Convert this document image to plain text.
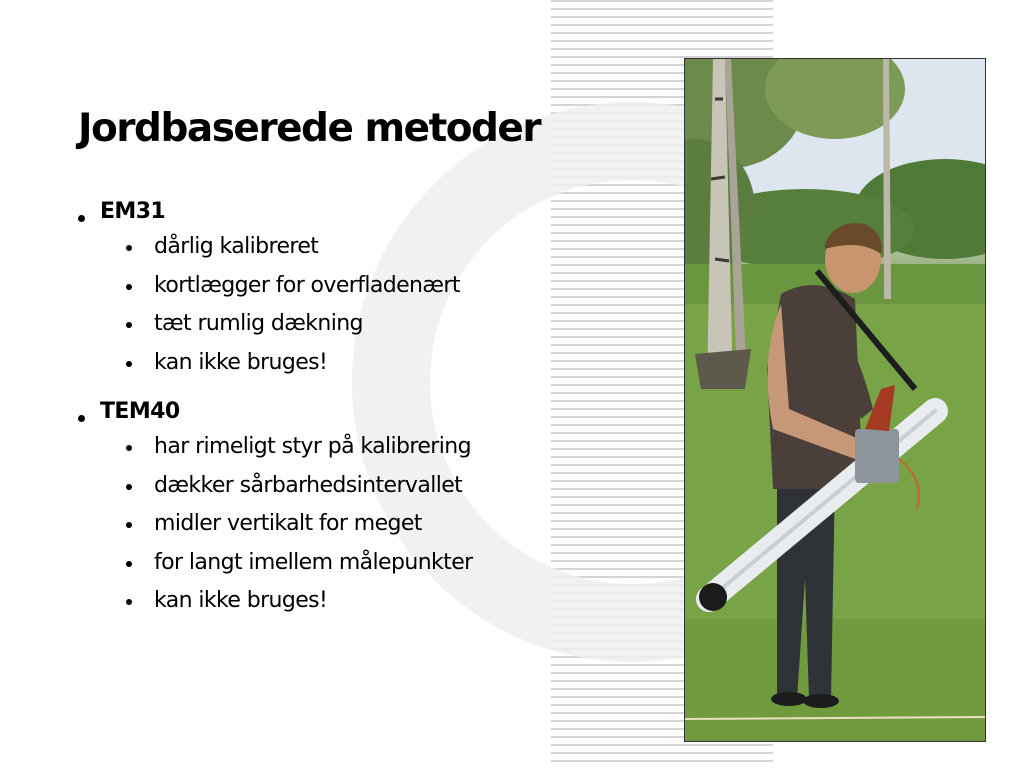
Jordbaserede metoder
EM31
dårlig kalibreret
kortlægger for overfladenært
tæt rumlig dækning
kan ikke bruges!
TEM40
har rimeligt styr på kalibrering
dækker sårbarhedsintervallet
midler vertikalt for meget
for langt imellem målepunkter
kan ikke bruges!
